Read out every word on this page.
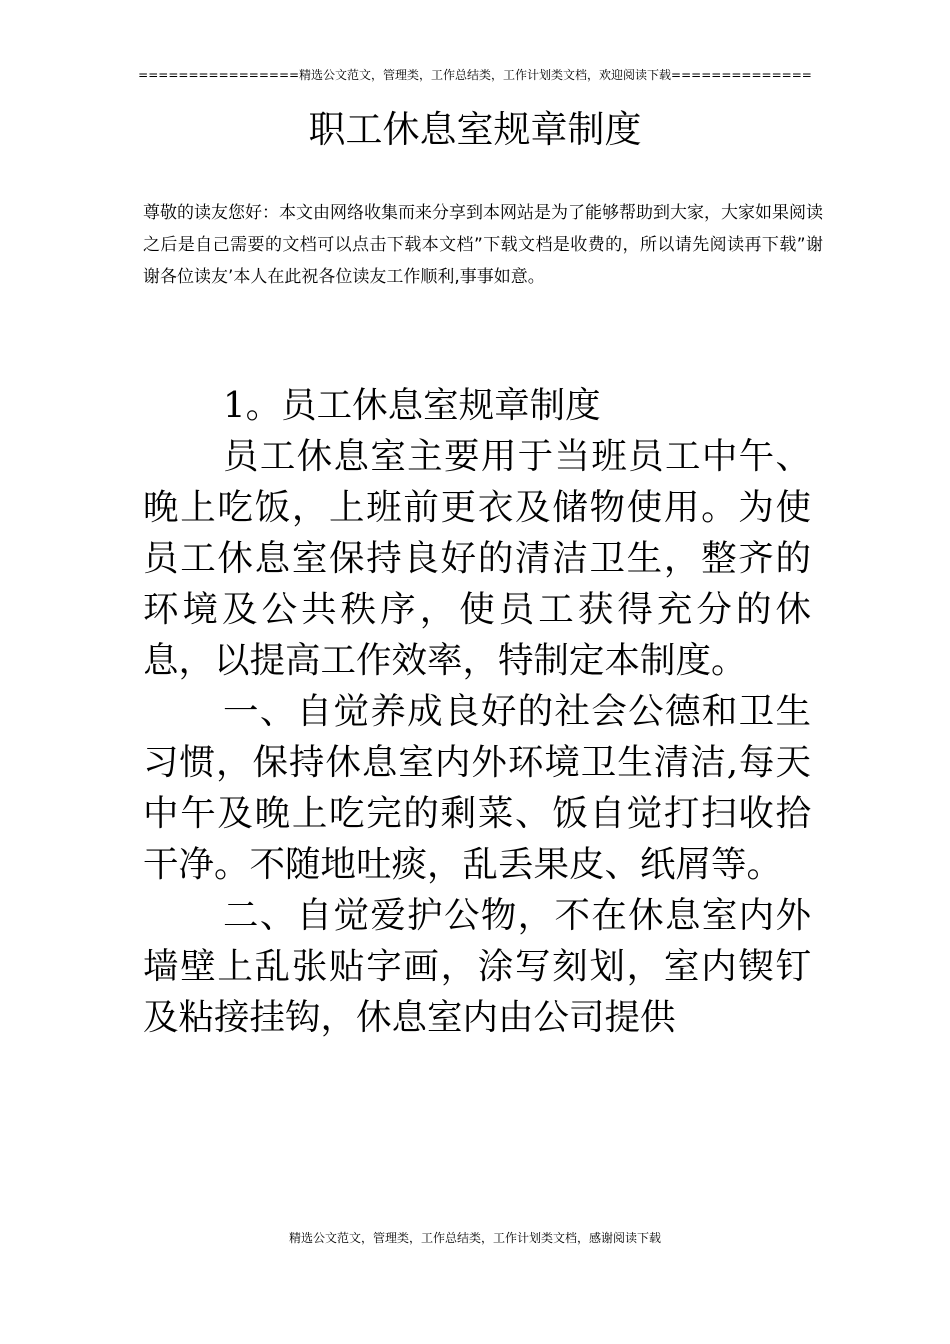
================精选公文范文，管理类，工作总结类，工作计划类文档，欢迎阅读下载==============
职工休息室规章制度
尊敬的读友您好：本文由网络收集而来分享到本网站是为了能够帮助到大家，大家如果阅读之后是自己需要的文档可以点击下载本文档”下载文档是收费的，所以请先阅读再下载”谢谢各位读友’本人在此祝各位读友工作顺利,事事如意。

1。员工休息室规章制度

员工休息室主要用于当班员工中午、晚上吃饭，上班前更衣及储物使用。为使员工休息室保持良好的清洁卫生，整齐的环境及公共秩序，使员工获得充分的休息，以提高工作效率，特制定本制度。

一、自觉养成良好的社会公德和卫生习惯，保持休息室内外环境卫生清洁,每天中午及晚上吃完的剩菜、饭自觉打扫收拾干净。不随地吐痰，乱丢果皮、纸屑等。

二、自觉爱护公物，不在休息室内外墙壁上乱张贴字画，涂写刻划，室内锲钉及粘接挂钩，休息室内由公司提供

精选公文范文，管理类，工作总结类，工作计划类文档，感谢阅读下载
